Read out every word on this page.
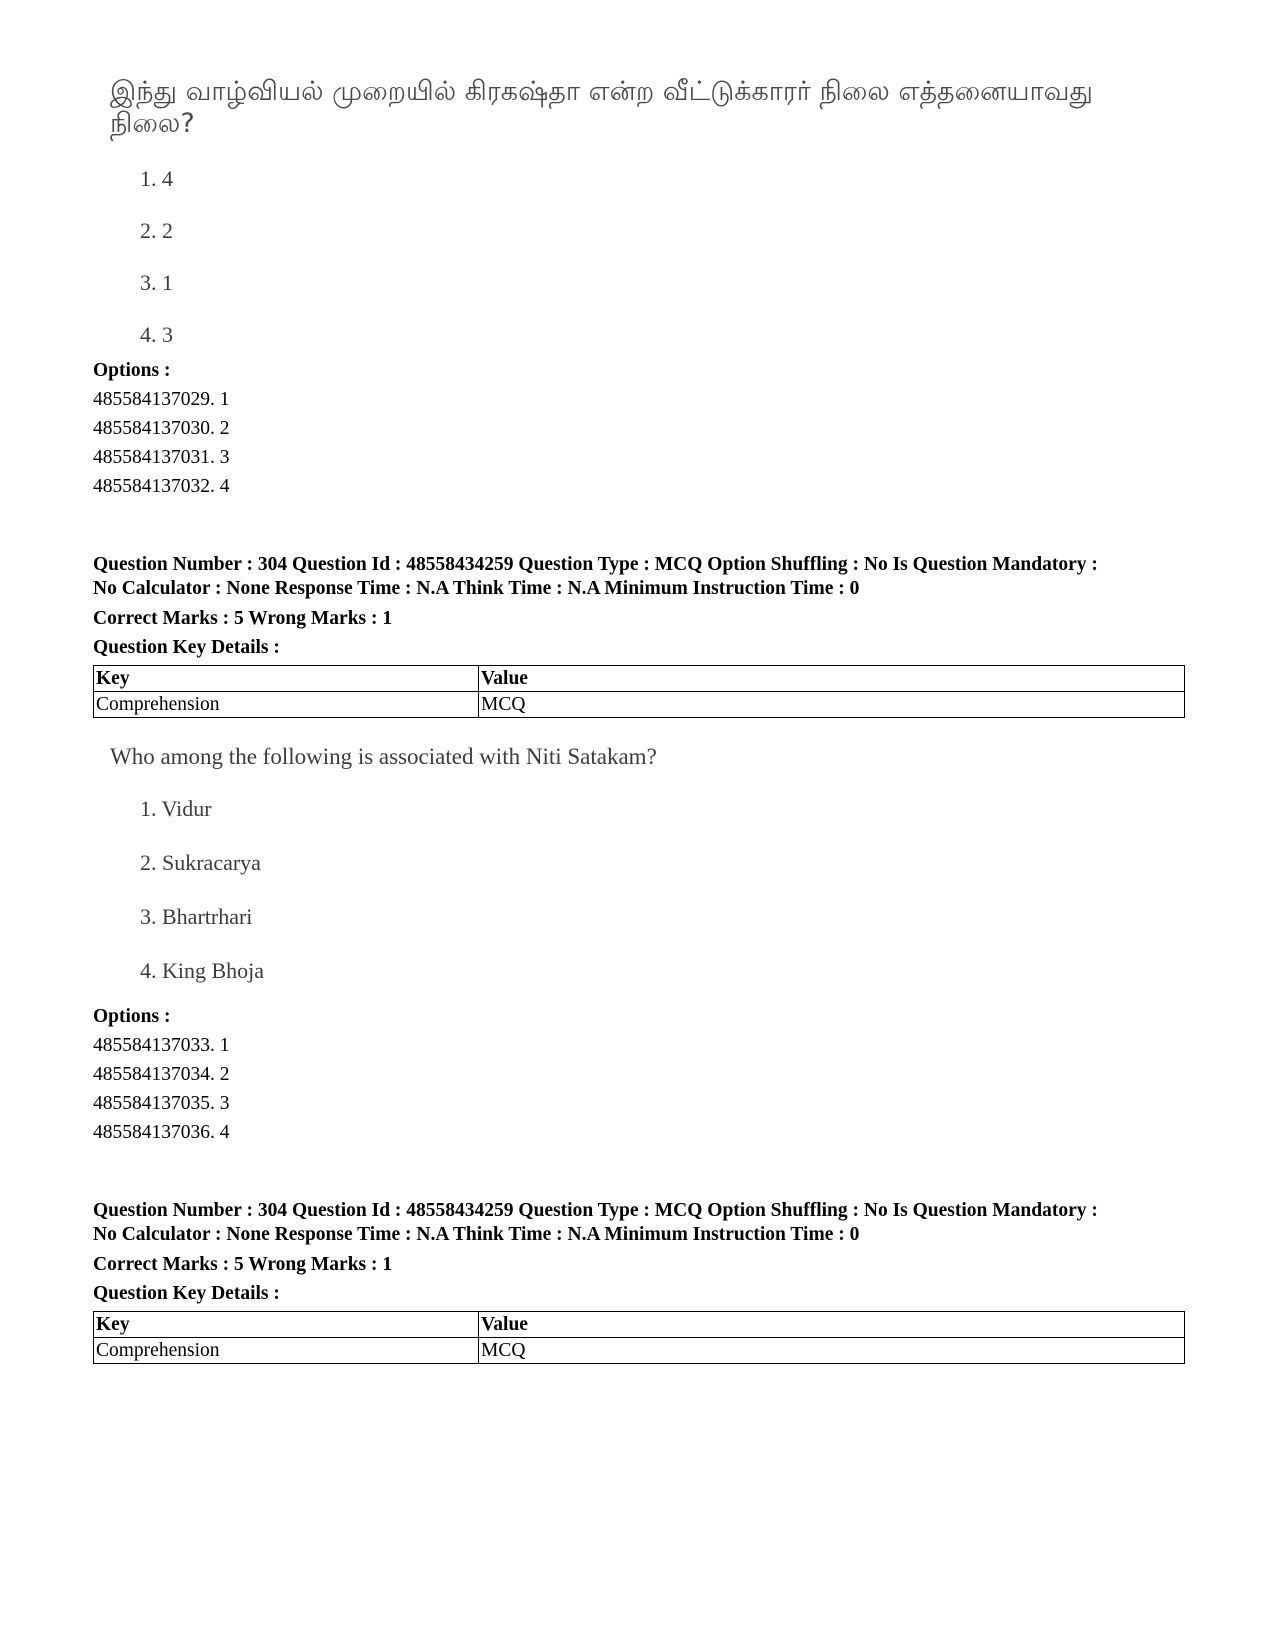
இந்து வாழ்வியல் முறையில் கிரகஷ்தா என்ற வீட்டுக்காரர் நிலை எத்தனையாவது நிலை?
1. 4
2. 2
3. 1
4. 3
Options :
485584137029. 1
485584137030. 2
485584137031. 3
485584137032. 4
Question Number : 304 Question Id : 48558434259 Question Type : MCQ Option Shuffling : No Is Question Mandatory :
No Calculator : None Response Time : N.A Think Time : N.A Minimum Instruction Time : 0
Correct Marks : 5 Wrong Marks : 1
Question Key Details :
Key	Value
Comprehension	MCQ
Who among the following is associated with Niti Satakam?
1. Vidur
2. Sukracarya
3. Bhartrhari
4. King Bhoja
Options :
485584137033. 1
485584137034. 2
485584137035. 3
485584137036. 4
Question Number : 304 Question Id : 48558434259 Question Type : MCQ Option Shuffling : No Is Question Mandatory :
No Calculator : None Response Time : N.A Think Time : N.A Minimum Instruction Time : 0
Correct Marks : 5 Wrong Marks : 1
Question Key Details :
Key	Value
Comprehension	MCQ
